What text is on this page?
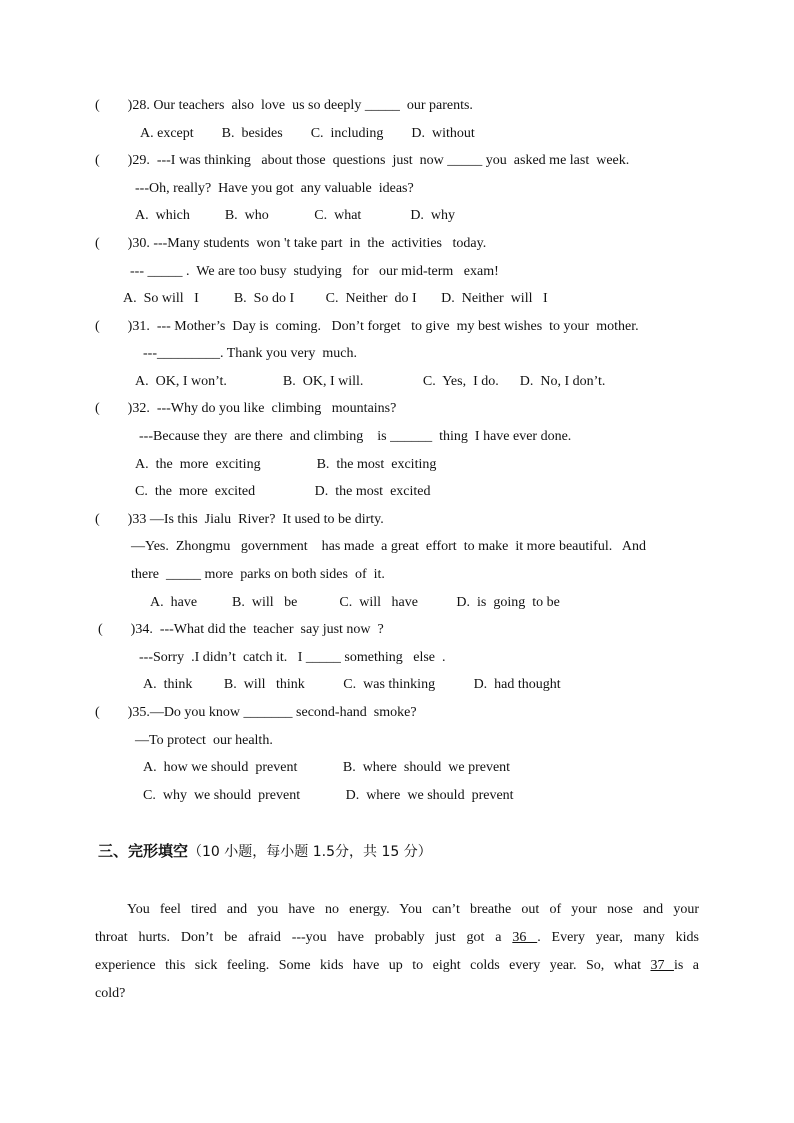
(        )28. Our teachers  also  love  us so deeply _____  our parents.
A. except        B.  besides        C.  including        D.  without
(        )29.  ---I was thinking   about those  questions  just  now _____ you  asked me last  week.
---Oh, really?  Have you got  any valuable  ideas?
A.  which          B.  who             C.  what              D.  why
(        )30. ---Many students  won 't take part  in  the  activities   today.
--- _____ .  We are too busy  studying   for   our mid-term   exam!
A.  So will   I          B.  So do I         C.  Neither  do I       D.  Neither  will   I
(        )31.  --- Mother’s  Day is  coming.   Don’t forget   to give  my best wishes  to your  mother.
---_________. Thank you very  much.
A.  OK, I won’t.                B.  OK, I will.                 C.  Yes,  I do.      D.  No, I don’t.
(        )32.  ---Why do you like  climbing   mountains?
---Because they  are there  and climbing    is ______  thing  I have ever done.
A.  the  more  exciting                B.  the most  exciting
C.  the  more  excited                 D.  the most  excited
(        )33 —Is this  Jialu  River?  It used to be dirty.
—Yes.  Zhongmu   government    has made  a great  effort  to make  it more beautiful.   And
there  _____ more  parks on both sides  of  it.
A.  have          B.  will   be            C.  will   have           D.  is  going  to be
(        )34.  ---What did the  teacher  say just now  ?
---Sorry  .I didn’t  catch it.   I _____ something   else  .
A.  think         B.  will   think           C.  was thinking           D.  had thought
(        )35.—Do you know _______ second-hand  smoke?
—To protect  our health.
A.  how we should  prevent             B.  where  should  we prevent
C.  why  we should  prevent             D.  where  we should  prevent
三、完形填空（10 小题，每小题 1.5分，共 15 分）
You feel tired and you have no energy. You can’t breathe out of your nose and your
throat hurts. Don’t be afraid ---you have probably just got a 36 . Every year, many kids
experience this sick feeling. Some kids have up to eight colds every year. So, what 37 is a
cold?
